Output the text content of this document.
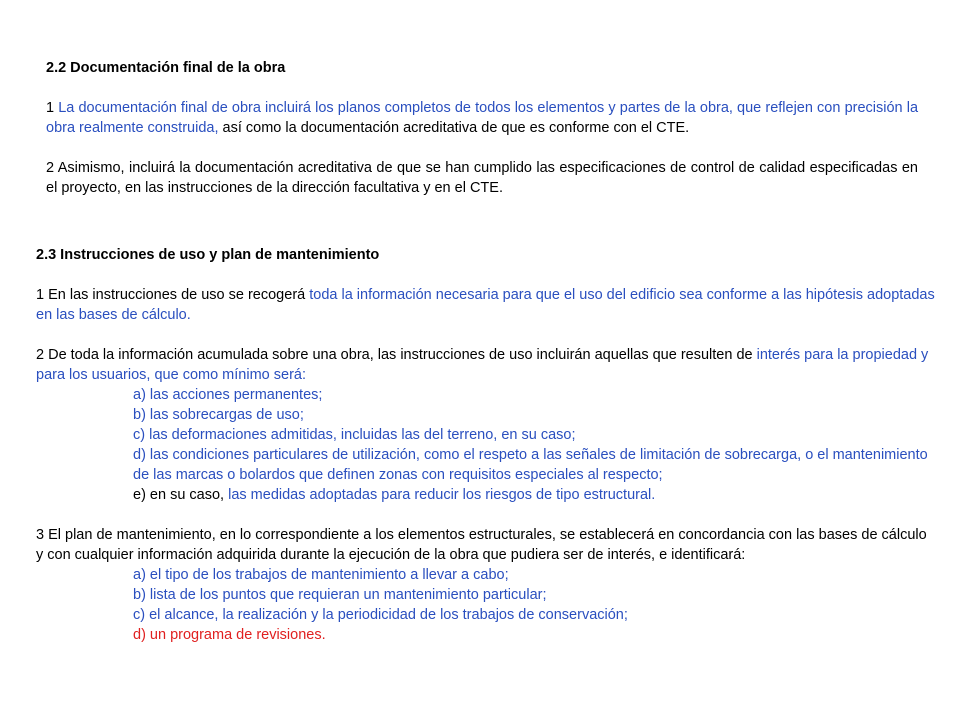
2.2 Documentación final de la obra

1 La documentación final de obra incluirá los planos completos de todos los elementos y partes de la obra, que reflejen con precisión la obra realmente construida, así como la documentación acreditativa de que es conforme con el CTE.

2 Asimismo, incluirá la documentación acreditativa de que se han cumplido las especificaciones de control de calidad especificadas en el proyecto, en las instrucciones de la dirección facultativa y en el CTE.

2.3 Instrucciones de uso y plan de mantenimiento

1 En las instrucciones de uso se recogerá toda la información necesaria para que el uso del edificio sea conforme a las hipótesis adoptadas en las bases de cálculo.

2 De toda la información acumulada sobre una obra, las instrucciones de uso incluirán aquellas que resulten de interés para la propiedad y para los usuarios, que como mínimo será:

a) las acciones permanentes;

b) las sobrecargas de uso;

c) las deformaciones admitidas, incluidas las del terreno, en su caso;

d) las condiciones particulares de utilización, como el respeto a las señales de limitación de sobrecarga, o el mantenimiento de las marcas o bolardos que definen zonas con requisitos especiales al respecto;

e) en su caso, las medidas adoptadas para reducir los riesgos de tipo estructural.

3 El plan de mantenimiento, en lo correspondiente a los elementos estructurales, se establecerá en concordancia con las bases de cálculo y con cualquier información adquirida durante la ejecución de la obra que pudiera ser de interés, e identificará:

a) el tipo de los trabajos de mantenimiento a llevar a cabo;

b) lista de los puntos que requieran un mantenimiento particular;

c) el alcance, la realización y la periodicidad de los trabajos de conservación;

d) un programa de revisiones.
